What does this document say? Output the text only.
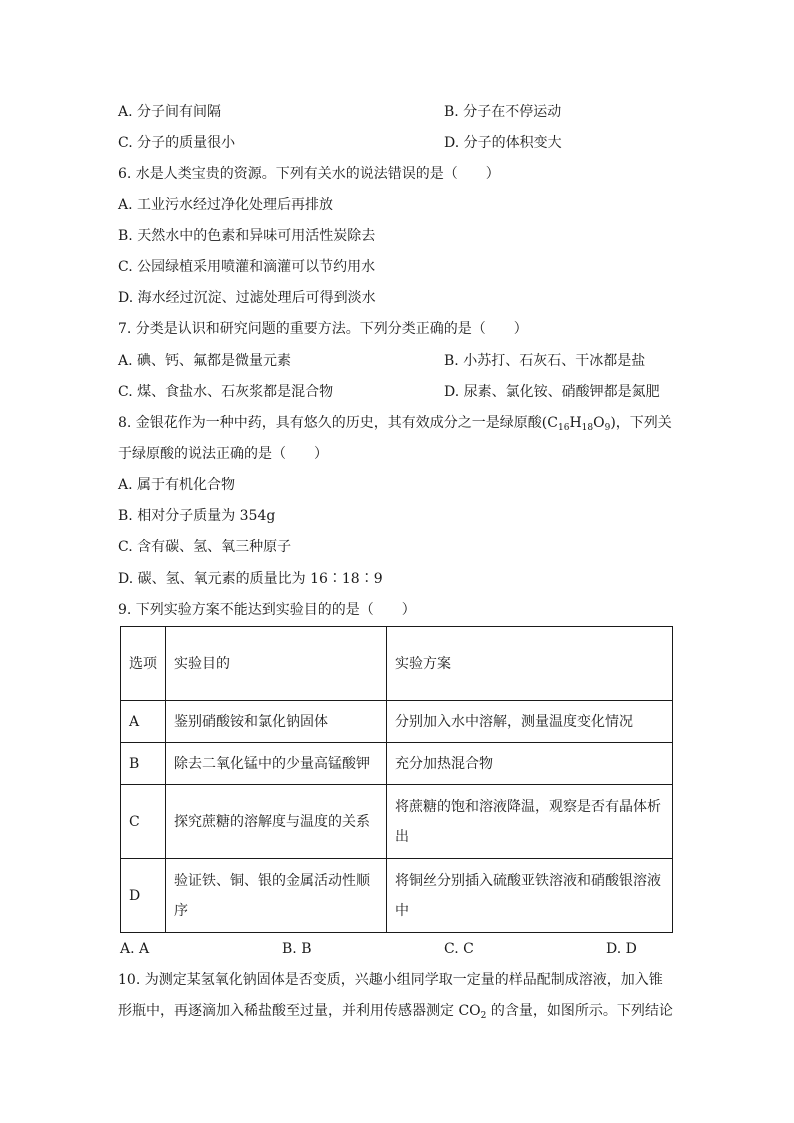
A. 分子间有间隔	B. 分子在不停运动
C. 分子的质量很小	D. 分子的体积变大
6. 水是人类宝贵的资源。下列有关水的说法错误的是（　　）
A. 工业污水经过净化处理后再排放
B. 天然水中的色素和异味可用活性炭除去
C. 公园绿植采用喷灌和滴灌可以节约用水
D. 海水经过沉淀、过滤处理后可得到淡水
7. 分类是认识和研究问题的重要方法。下列分类正确的是（　　）
A. 碘、钙、氟都是微量元素	B. 小苏打、石灰石、干冰都是盐
C. 煤、食盐水、石灰浆都是混合物	D. 尿素、氯化铵、硝酸钾都是氮肥
8. 金银花作为一种中药，具有悠久的历史，其有效成分之一是绿原酸$(C_{16}H_{18}O_9)$，下列关
于绿原酸的说法正确的是（　　）
A. 属于有机化合物
B. 相对分子质量为 354g
C. 含有碳、氢、氧三种原子
D. 碳、氢、氧元素的质量比为 16∶18∶9
9. 下列实验方案不能达到实验目的的是（　　）
选项	实验目的	实验方案
A	鉴别硝酸铵和氯化钠固体	分别加入水中溶解，测量温度变化情况
B	除去二氧化锰中的少量高锰酸钾	充分加热混合物
C	探究蔗糖的溶解度与温度的关系	将蔗糖的饱和溶液降温，观察是否有晶体析出
D	验证铁、铜、银的金属活动性顺序	将铜丝分别插入硫酸亚铁溶液和硝酸银溶液中
A. A	B. B	C. C	D. D
10. 为测定某氢氧化钠固体是否变质，兴趣小组同学取一定量的样品配制成溶液，加入锥
形瓶中，再逐滴加入稀盐酸至过量，并利用传感器测定 $CO_2$ 的含量，如图所示。下列结论
